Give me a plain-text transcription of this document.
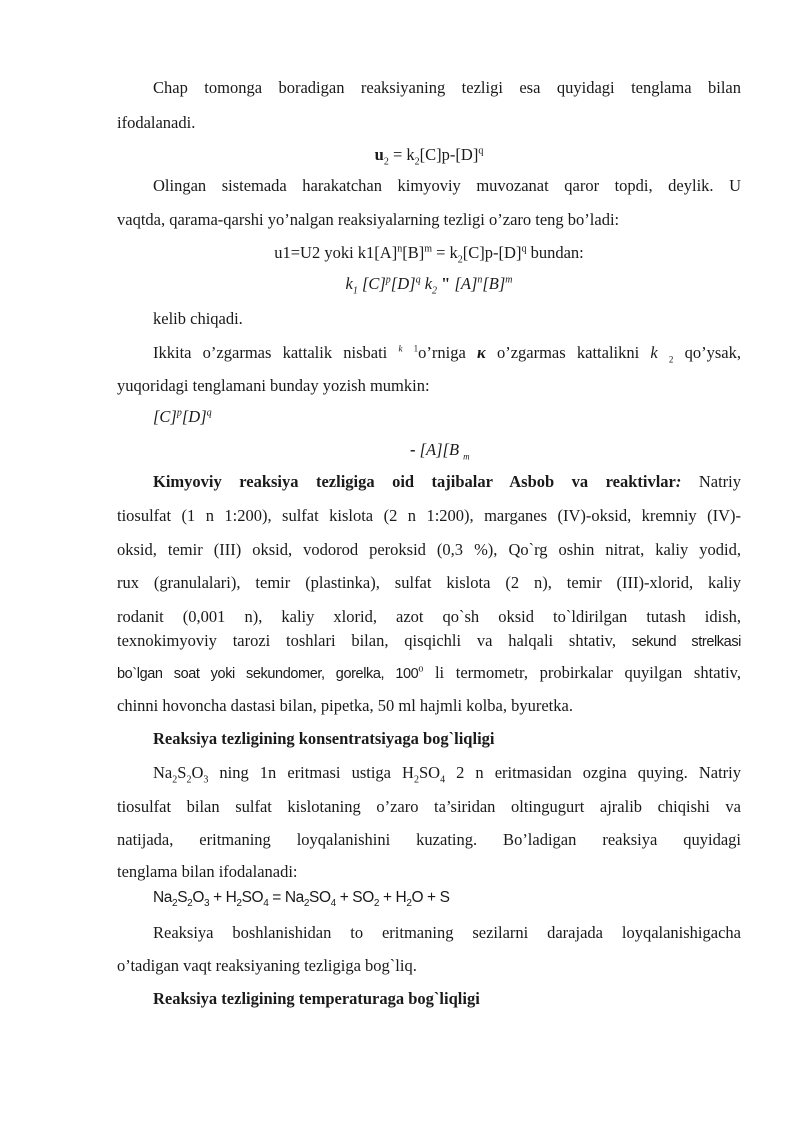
Chap tomonga boradigan reaksiyaning tezligi esa quyidagi tenglama bilan
ifodalanadi.
$u_2 = k_2[C]p-[D]^q$
Olingan sistemada harakatchan kimyoviy muvozanat qaror topdi, deylik. U
vaqtda, qarama-qarshi yo’nalgan reaksiyalarning tezligi o’zaro teng bo’ladi:
u1=U2 yoki $k1[A]^n[B]^m = k_2[C]p-[D]^q$ bundan:
$k_1$ $[C]^p[D]^q$ $k_2$ " $[A]^n[B]^m$
kelib chiqadi.
Ikkita o’zgarmas kattalik nisbati $^k$ $^1$o’rniga κ o’zgarmas kattalikni k $_2$ qo’ysak,
yuqoridagi tenglamani bunday yozish mumkin:
$[C]^p[D]^q$
- [A][B $_m$
Kimyoviy reaksiya tezligiga oid tajibalar Asbob va reaktivlar: Natriy
tiosulfat (1 n 1:200), sulfat kislota (2 n 1:200), marganes (IV)-oksid, kremniy (IV)-
oksid, temir (III) oksid, vodorod peroksid (0,3 %), Qo`rg oshin nitrat, kaliy yodid,
rux (granulalari), temir (plastinka), sulfat kislota (2 n), temir (III)-xlorid, kaliy
rodanit (0,001 n), kaliy xlorid, azot qo`sh oksid to`ldirilgan tutash idish,
texnokimyoviy tarozi toshlari bilan, qisqichli va halqali shtativ, sekund strelkasi
bo`lgan soat yoki sekundomer, gorelka, 100$^o$ li termometr, probirkalar quyilgan shtativ,
chinni hovoncha dastasi bilan, pipetka, 50 ml hajmli kolba, byuretka.
Reaksiya tezligining konsentratsiyaga bog`liqligi
$Na_2S_2O_3$ ning 1n eritmasi ustiga $H_2SO_4$ 2 n eritmasidan ozgina quying. Natriy
tiosulfat bilan sulfat kislotaning o’zaro ta’siridan oltingugurt ajralib chiqishi va
natijada, eritmaning loyqalanishini kuzating. Bo’ladigan reaksiya quyidagi
tenglama bilan ifodalanadi:
$Na_2S_2O_3 + H_2SO_4 = Na_2SO_4 + SO_2 + H_2O + S$
Reaksiya boshlanishidan to eritmaning sezilarni darajada loyqalanishigacha
o’tadigan vaqt reaksiyaning tezligiga bog`liq.
Reaksiya tezligining temperaturaga bog`liqligi
